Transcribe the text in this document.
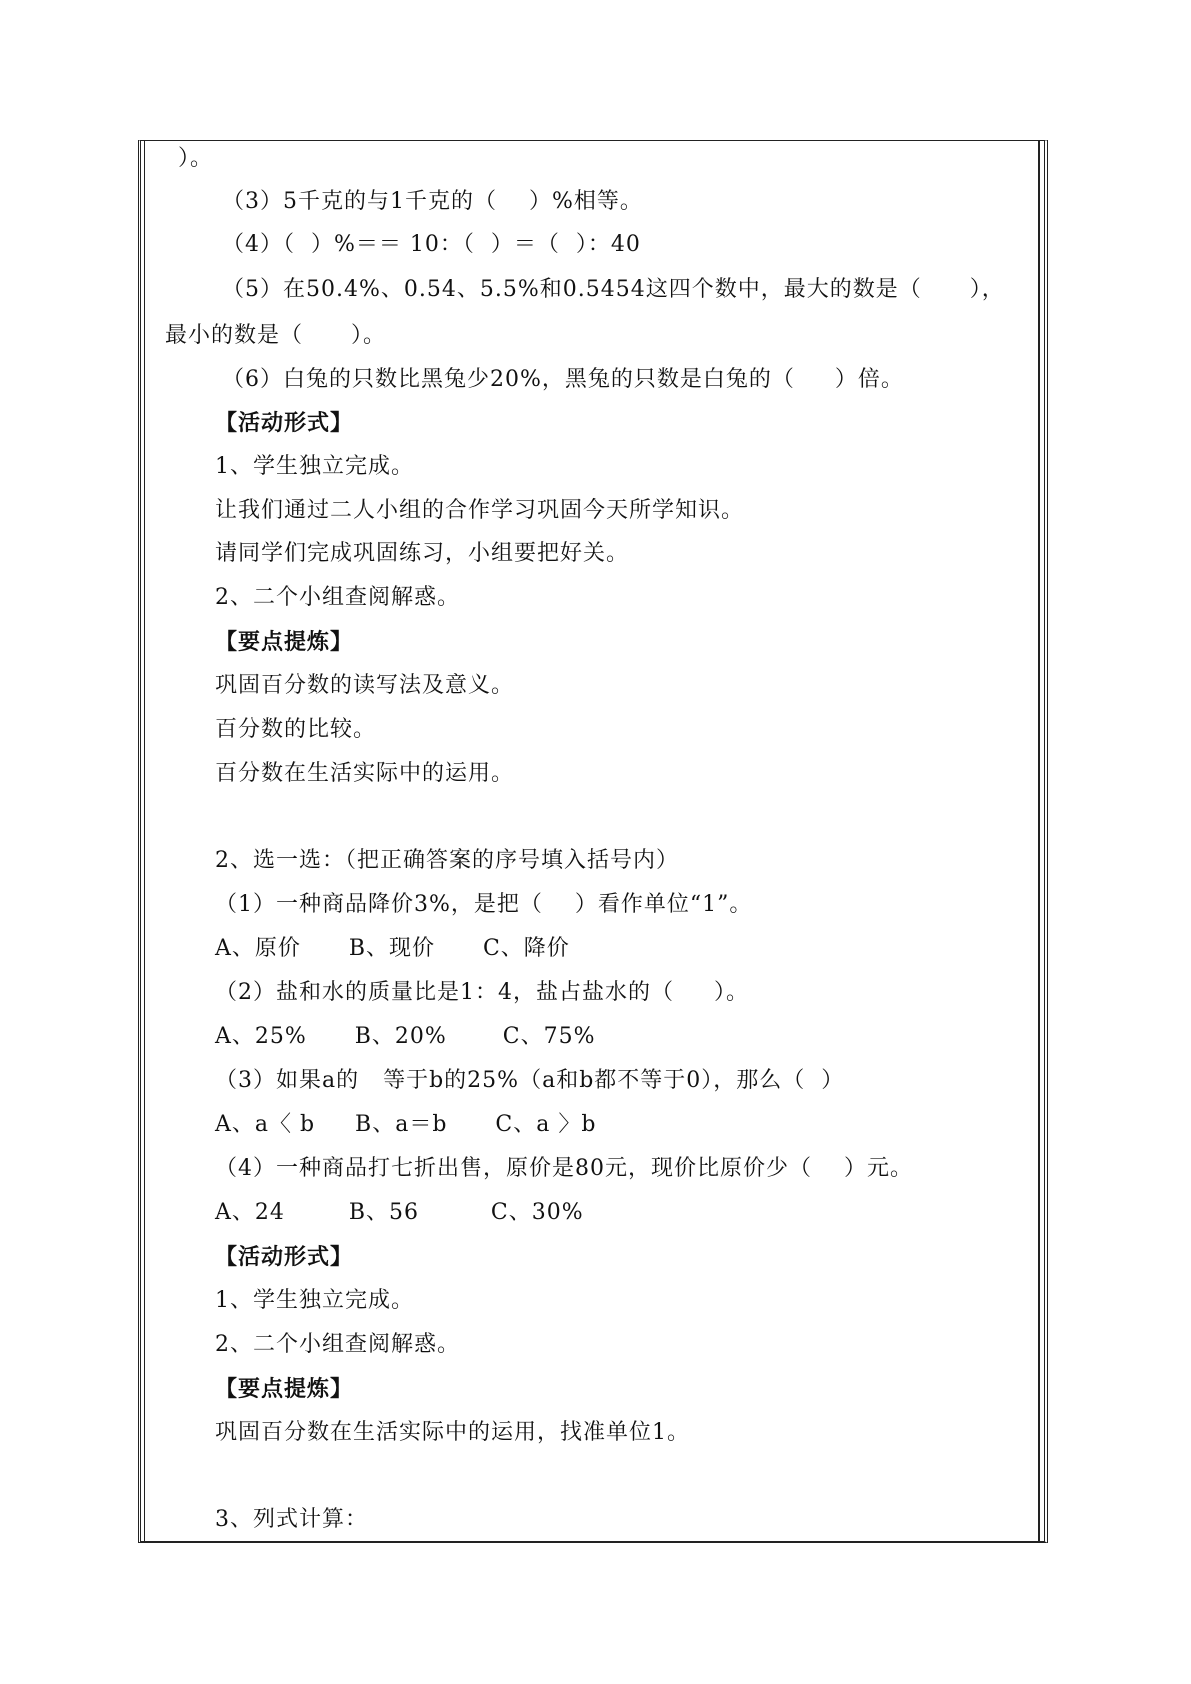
）。
（3）5千克的与1千克的（    ）%相等。
（4）（  ）%＝＝ 10：（  ）＝（  ）：40
（5）在50.4%、0.54、5.5%和0.5454这四个数中，最大的数是（      ），
最小的数是（      ）。
（6）白兔的只数比黑兔少20%，黑兔的只数是白兔的（     ）倍。
【活动形式】
1、学生独立完成。
让我们通过二人小组的合作学习巩固今天所学知识。
请同学们完成巩固练习，小组要把好关。
2、二个小组查阅解惑。
【要点提炼】
巩固百分数的读写法及意义。
百分数的比较。
百分数在生活实际中的运用。
2、选一选：（把正确答案的序号填入括号内）
（1）一种商品降价3%，是把（    ）看作单位“1”。
A、原价      B、现价      C、降价
（2）盐和水的质量比是1：4，盐占盐水的（     ）。
A、25%      B、20%       C、75%
（3）如果a的   等于b的25%（a和b都不等于0），那么（  ）
A、a〈 b     B、a＝b      C、a 〉b
（4）一种商品打七折出售，原价是80元，现价比原价少（    ）元。
A、24        B、56         C、30%
【活动形式】
1、学生独立完成。
2、二个小组查阅解惑。
【要点提炼】
巩固百分数在生活实际中的运用，找准单位1。
3、列式计算：
